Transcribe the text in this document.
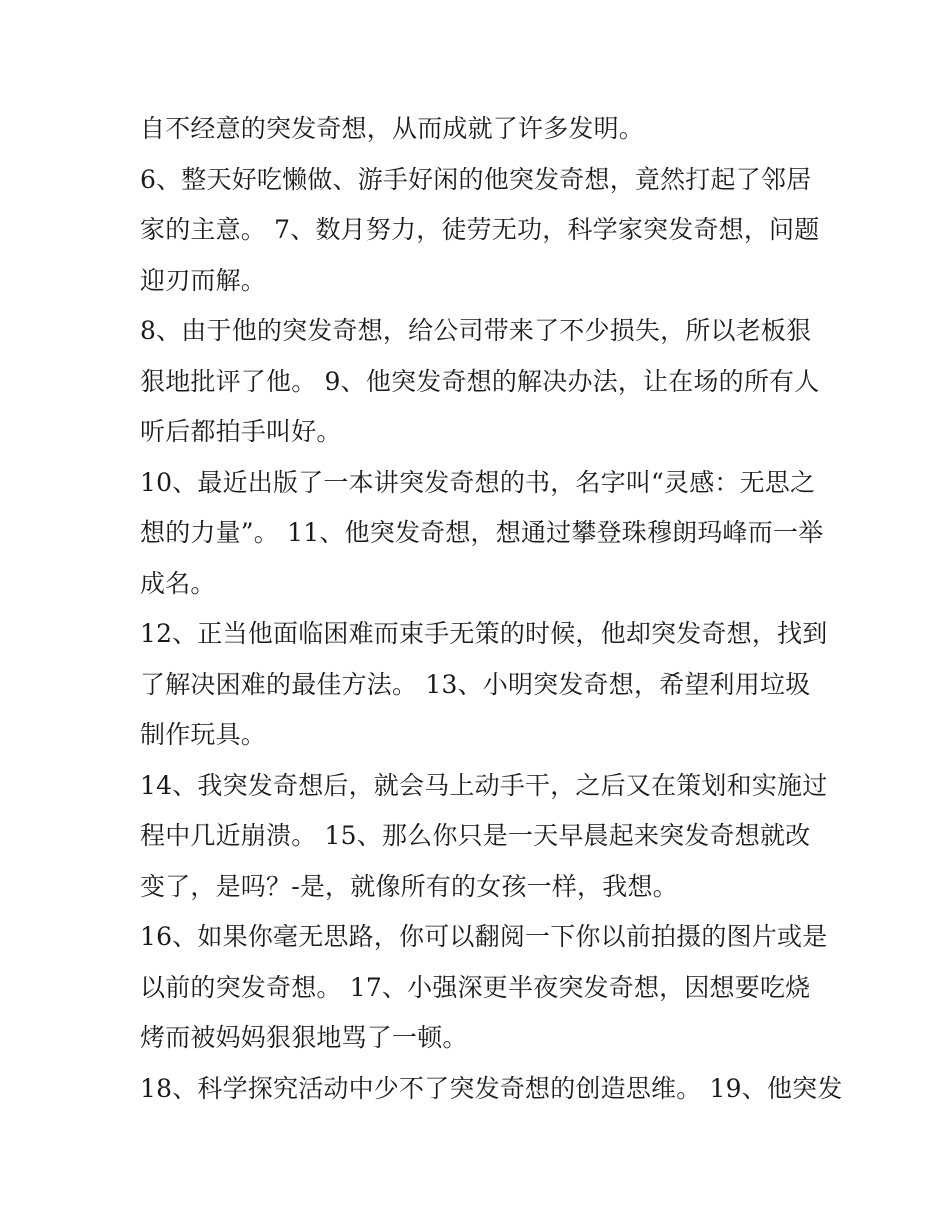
自不经意的突发奇想，从而成就了许多发明。
6、整天好吃懒做、游手好闲的他突发奇想，竟然打起了邻居
家的主意。 7、数月努力，徒劳无功，科学家突发奇想，问题
迎刃而解。
8、由于他的突发奇想，给公司带来了不少损失，所以老板狠
狠地批评了他。 9、他突发奇想的解决办法，让在场的所有人
听后都拍手叫好。
10、最近出版了一本讲突发奇想的书，名字叫“灵感：无思之
想的力量”。 11、他突发奇想，想通过攀登珠穆朗玛峰而一举
成名。
12、正当他面临困难而束手无策的时候，他却突发奇想，找到
了解决困难的最佳方法。 13、小明突发奇想，希望利用垃圾
制作玩具。
14、我突发奇想后，就会马上动手干，之后又在策划和实施过
程中几近崩溃。 15、那么你只是一天早晨起来突发奇想就改
变了，是吗？-是，就像所有的女孩一样，我想。
16、如果你毫无思路，你可以翻阅一下你以前拍摄的图片或是
以前的突发奇想。 17、小强深更半夜突发奇想，因想要吃烧
烤而被妈妈狠狠地骂了一顿。
18、科学探究活动中少不了突发奇想的创造思维。 19、他突发
